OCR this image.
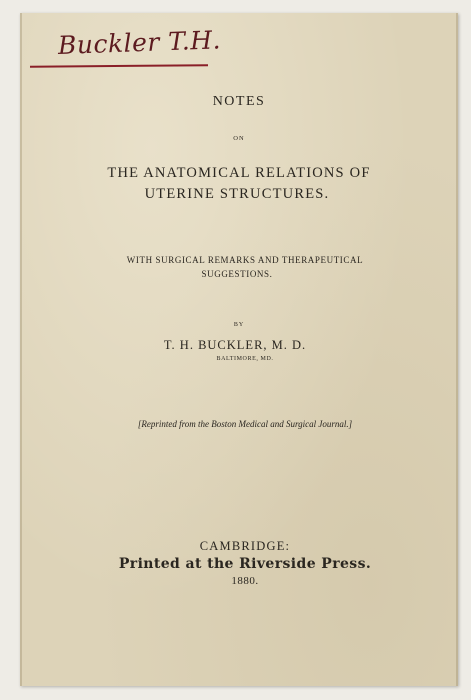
Buckler T.H.
NOTES
ON
THE ANATOMICAL RELATIONS OF
UTERINE STRUCTURES.
WITH SURGICAL REMARKS AND THERAPEUTICAL
SUGGESTIONS.
BY
T. H. BUCKLER, M. D.
BALTIMORE, MD.
[Reprinted from the Boston Medical and Surgical Journal.]
CAMBRIDGE:
Printed at the Riverside Press.
1880.
